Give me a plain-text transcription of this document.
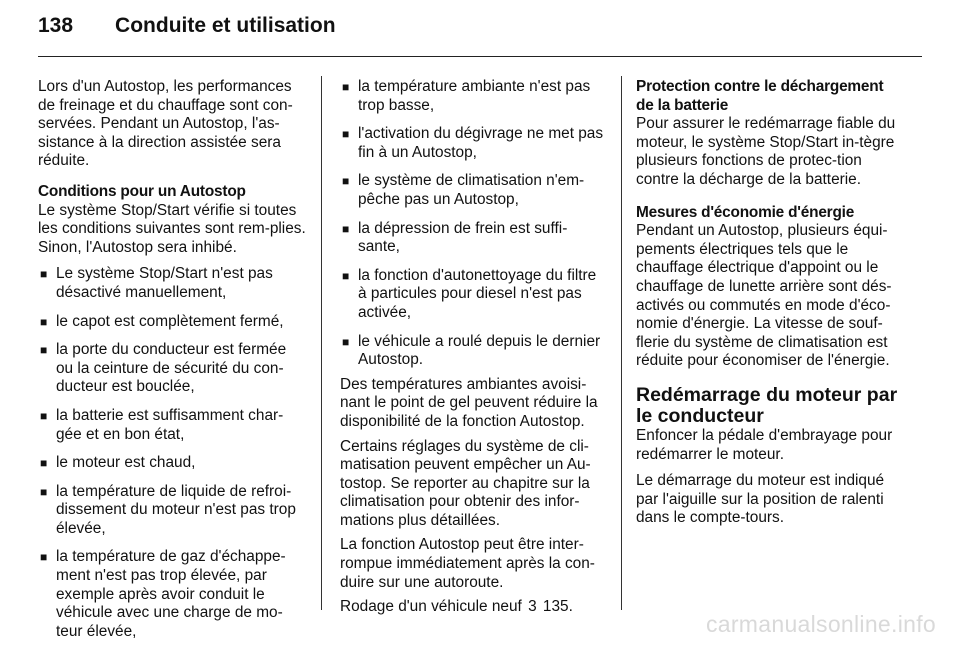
138 Conduite et utilisation

Lors d'un Autostop, les performances de freinage et du chauffage sont con-servées. Pendant un Autostop, l'as-sistance à la direction assistée sera réduite.

Conditions pour un Autostop

Le système Stop/Start vérifie si toutes les conditions suivantes sont rem-plies. Sinon, l'Autostop sera inhibé.

■ Le système Stop/Start n'est pas désactivé manuellement,
■ le capot est complètement fermé,
■ la porte du conducteur est fermée ou la ceinture de sécurité du con-ducteur est bouclée,
■ la batterie est suffisamment char-gée et en bon état,
■ le moteur est chaud,
■ la température de liquide de refroi-dissement du moteur n'est pas trop élevée,
■ la température de gaz d'échappe-ment n'est pas trop élevée, par exemple après avoir conduit le véhicule avec une charge de mo-teur élevée,
■ la température ambiante n'est pas trop basse,
■ l'activation du dégivrage ne met pas fin à un Autostop,
■ le système de climatisation n'em-pêche pas un Autostop,
■ la dépression de frein est suffi-sante,
■ la fonction d'autonettoyage du filtre à particules pour diesel n'est pas activée,
■ le véhicule a roulé depuis le dernier Autostop.

Des températures ambiantes avoisi-nant le point de gel peuvent réduire la disponibilité de la fonction Autostop.

Certains réglages du système de cli-matisation peuvent empêcher un Au-tostop. Se reporter au chapitre sur la climatisation pour obtenir des infor-mations plus détaillées.

La fonction Autostop peut être inter-rompue immédiatement après la con-duire sur une autoroute.

Rodage d'un véhicule neuf 3 135.

Protection contre le déchargement de la batterie

Pour assurer le redémarrage fiable du moteur, le système Stop/Start in-tègre plusieurs fonctions de protec-tion contre la décharge de la batterie.

Mesures d'économie d'énergie

Pendant un Autostop, plusieurs équi-pements électriques tels que le chauffage électrique d'appoint ou le chauffage de lunette arrière sont dés-activés ou commutés en mode d'éco-nomie d'énergie. La vitesse de souf-flerie du système de climatisation est réduite pour économiser de l'énergie.

Redémarrage du moteur par le conducteur

Enfoncer la pédale d'embrayage pour redémarrer le moteur.

Le démarrage du moteur est indiqué par l'aiguille sur la position de ralenti dans le compte-tours.

carmanualsonline.info
